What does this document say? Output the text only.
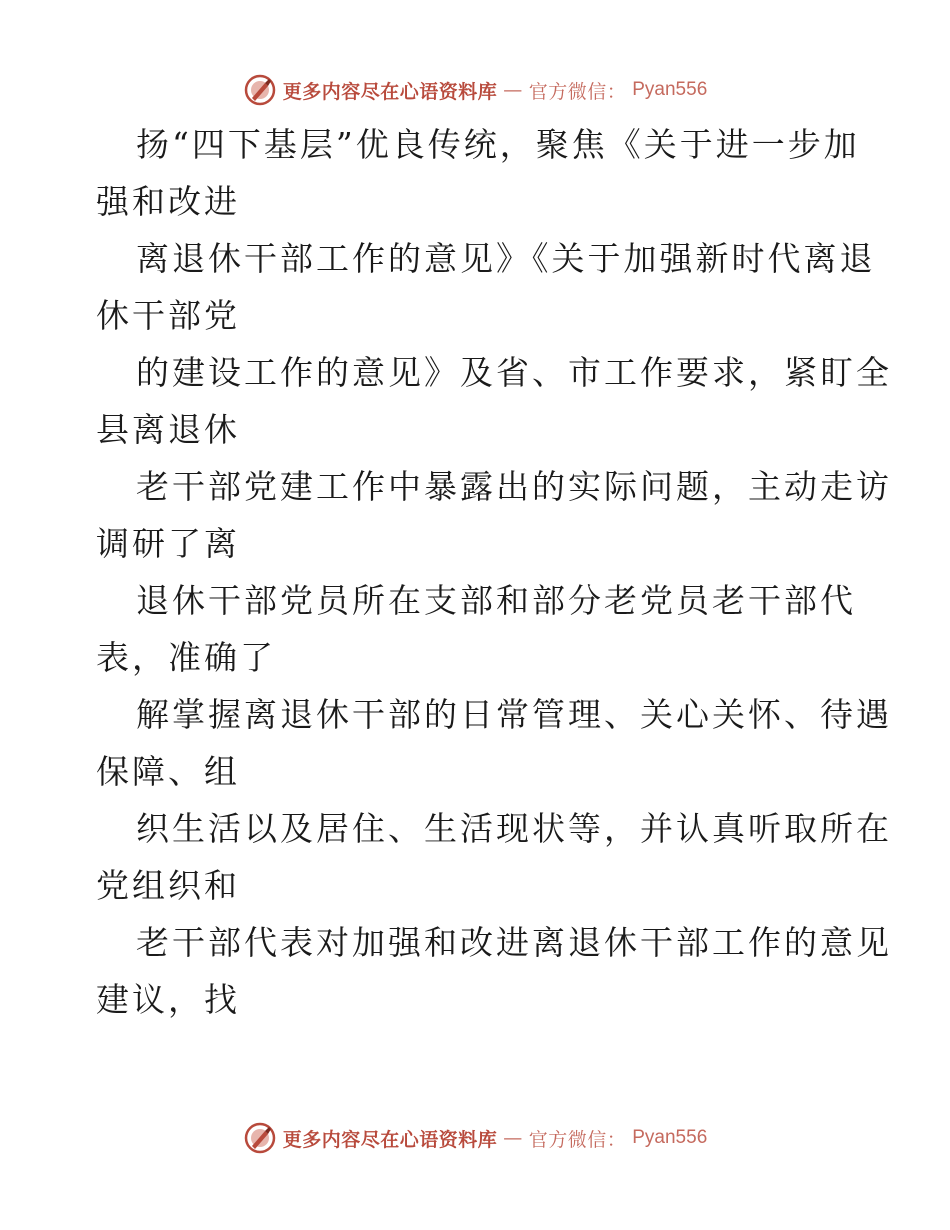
更多内容尽在心语资料库 — 官方微信： Pyan556
扬“四下基层”优良传统，聚焦《关于进一步加
强和改进
离退休干部工作的意见》《关于加强新时代离退
休干部党
的建设工作的意见》及省、市工作要求，紧盯全
县离退休
老干部党建工作中暴露出的实际问题，主动走访
调研了离
退休干部党员所在支部和部分老党员老干部代
表，准确了
解掌握离退休干部的日常管理、关心关怀、待遇
保障、组
织生活以及居住、生活现状等，并认真听取所在
党组织和
老干部代表对加强和改进离退休干部工作的意见
建议，找
更多内容尽在心语资料库 — 官方微信： Pyan556
